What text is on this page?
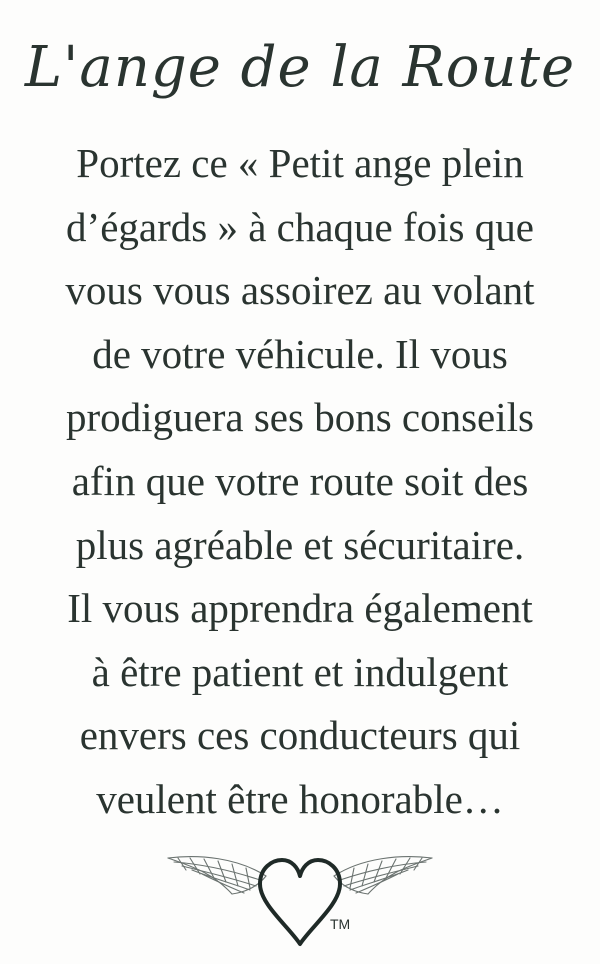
L'ange de la Route
Portez ce « Petit ange plein
d’égards » à chaque fois que
vous vous assoirez au volant
de votre véhicule. Il vous
prodiguera ses bons conseils
afin que votre route soit des
plus agréable et sécuritaire.
Il vous apprendra également
à être patient et indulgent
envers ces conducteurs qui
veulent être honorable…
TM
